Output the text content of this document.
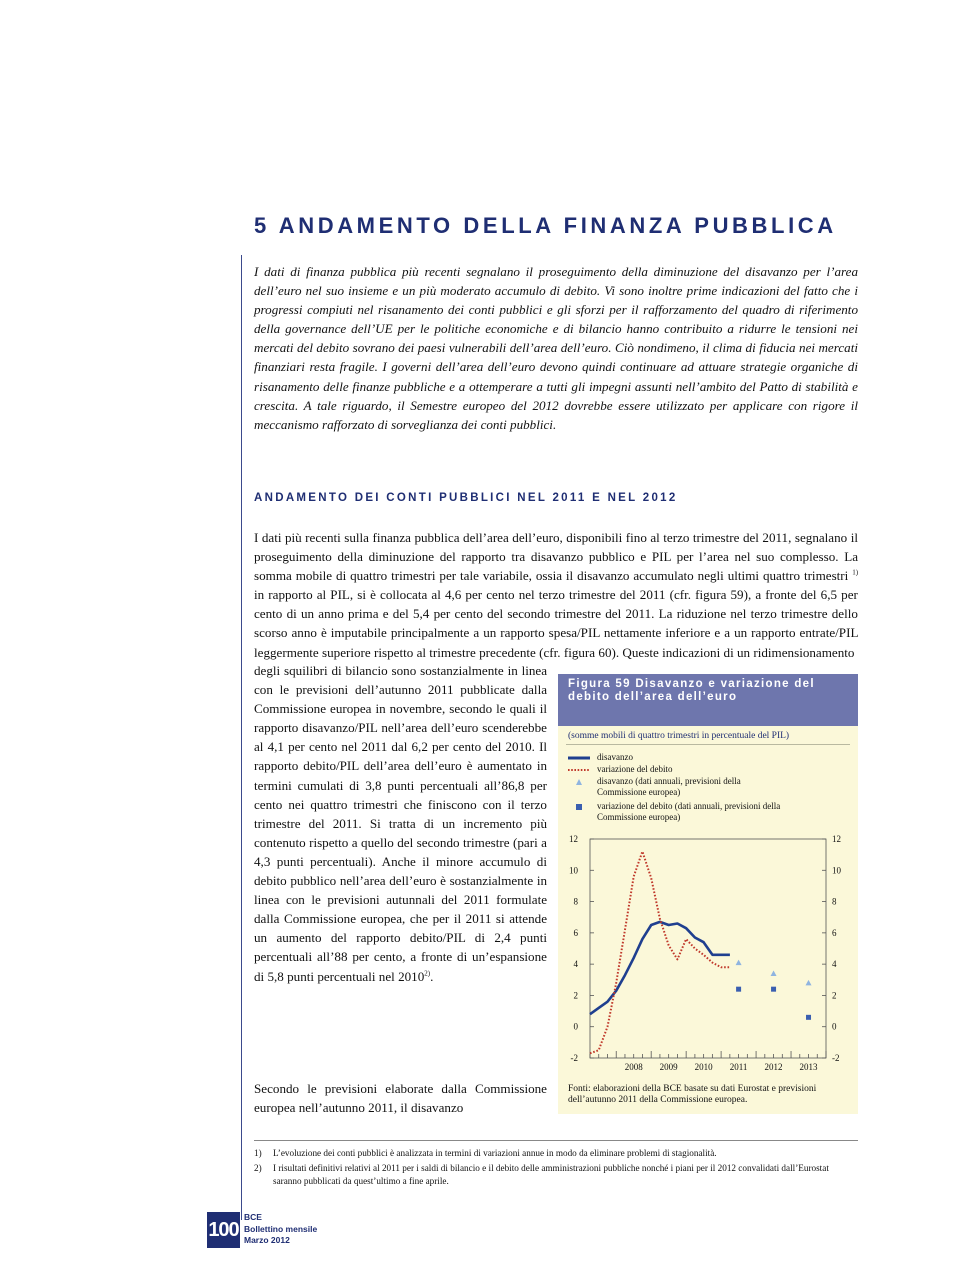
5 ANDAMENTO DELLA FINANZA PUBBLICA

I dati di finanza pubblica più recenti segnalano il proseguimento della diminuzione del disavanzo per l’area dell’euro nel suo insieme e un più moderato accumulo di debito. Vi sono inoltre prime indicazioni del fatto che i progressi compiuti nel risanamento dei conti pubblici e gli sforzi per il rafforzamento del quadro di riferimento della governance dell’UE per le politiche economiche e di bilancio hanno contribuito a ridurre le tensioni nei mercati del debito sovrano dei paesi vulnerabili dell’area dell’euro. Ciò nondimeno, il clima di fiducia nei mercati finanziari resta fragile. I governi dell’area dell’euro devono quindi continuare ad attuare strategie organiche di risanamento delle finanze pubbliche e a ottemperare a tutti gli impegni assunti nell’ambito del Patto di stabilità e crescita. A tale riguardo, il Semestre europeo del 2012 dovrebbe essere utilizzato per applicare con rigore il meccanismo rafforzato di sorveglianza dei conti pubblici.

ANDAMENTO DEI CONTI PUBBLICI NEL 2011 E NEL 2012

I dati più recenti sulla finanza pubblica dell’area dell’euro, disponibili fino al terzo trimestre del 2011, segnalano il proseguimento della diminuzione del rapporto tra disavanzo pubblico e PIL per l’area nel suo complesso. La somma mobile di quattro trimestri per tale variabile, ossia il disavanzo accumulato negli ultimi quattro trimestri $^{1)}$ in rapporto al PIL, si è collocata al 4,6 per cento nel terzo trimestre del 2011 (cfr. figura 59), a fronte del 6,5 per cento di un anno prima e del 5,4 per cento del secondo trimestre del 2011. La riduzione nel terzo trimestre dello scorso anno è imputabile principalmente a un rapporto spesa/PIL nettamente inferiore e a un rapporto entrate/PIL leggermente superiore rispetto al trimestre precedente (cfr. figura 60). Queste indicazioni di un ridimensionamento

degli squilibri di bilancio sono sostanzialmente in linea con le previsioni dell’autunno 2011 pubblicate dalla Commissione europea in novembre, secondo le quali il rapporto disavanzo/PIL nell’area dell’euro scenderebbe al 4,1 per cento nel 2011 dal 6,2 per cento del 2010. Il rapporto debito/PIL dell’area dell’euro è aumentato in termini cumulati di 3,8 punti percentuali all’86,8 per cento nei quattro trimestri che finiscono con il terzo trimestre del 2011. Si tratta di un incremento più contenuto rispetto a quello del secondo trimestre (pari a 4,3 punti percentuali). Anche il minore accumulo di debito pubblico nell’area dell’euro è sostanzialmente in linea con le previsioni autunnali del 2011 formulate dalla Commissione europea, che per il 2011 si attende un aumento del rapporto debito/PIL di 2,4 punti percentuali all’88 per cento, a fronte di un’espansione di 5,8 punti percentuali nel 2010$^{2)}$.

Secondo le previsioni elaborate dalla Commissione europea nell’autunno 2011, il disavanzo

Figura 59 Disavanzo e variazione del debito dell’area dell’euro
(somme mobili di quattro trimestri in percentuale del PIL)
disavanzo
variazione del debito
disavanzo (dati annuali, previsioni della Commissione europea)
variazione del debito (dati annuali, previsioni della Commissione europea)
-2	-2
0	0
2	2
4	4
6	6
8	8
10	10
12	12
2008 2009 2010 2011 2012 2013
Fonti: elaborazioni della BCE basate su dati Eurostat e previsioni dell’autunno 2011 della Commissione europea.
1) L’evoluzione dei conti pubblici è analizzata in termini di variazioni annue in modo da eliminare problemi di stagionalità.
2) I risultati definitivi relativi al 2011 per i saldi di bilancio e il debito delle amministrazioni pubbliche nonché i piani per il 2012 convalidati dall’Eurostat saranno pubblicati da quest’ultimo a fine aprile.
100
BCE
Bollettino mensile
Marzo 2012
